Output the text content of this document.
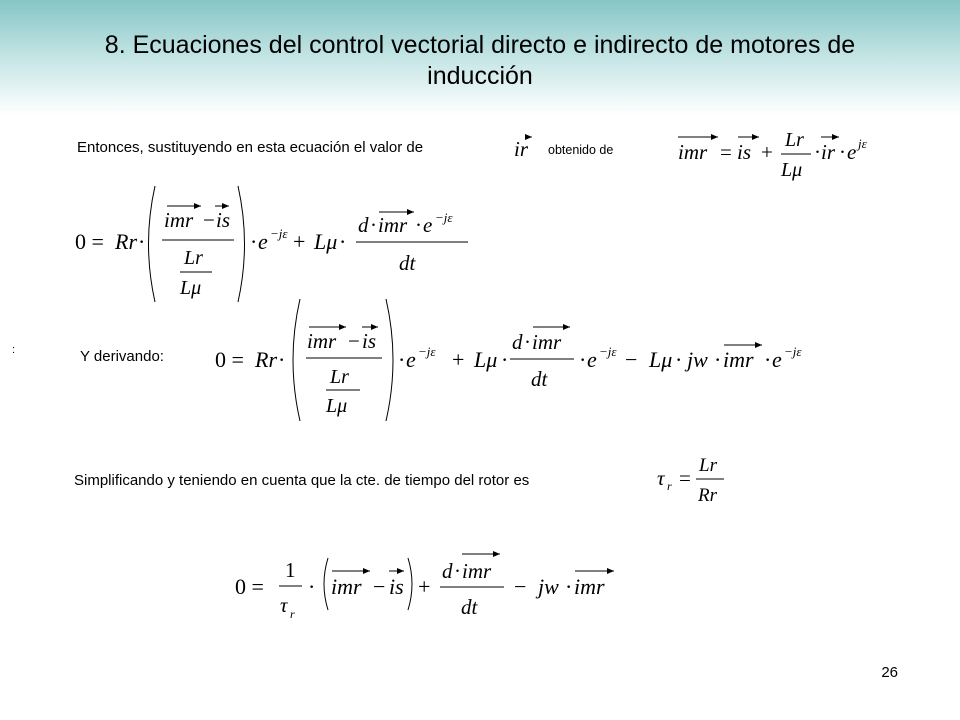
8. Ecuaciones del control vectorial directo e indirecto de motores de
inducción
Entonces, sustituyendo en esta ecuación el valor de	ir obtenido de	imr = is + Lr
Lμ
· ir · e jε
0 = Rr ·
imr − is
Lr
Lμ
· e −jε + Lμ ·
d · imr · e −jε
dt
:	Y derivando: 0 = Rr ·
imr − is
Lr
Lμ
· e −jε + Lμ ·
d · imr
dt
· e −jε − Lμ · jw · imr · e −jε
Simplificando y teniendo en cuenta que la cte. de tiempo del rotor es	τ r =
Lr
Rr
0 =
1
τ r
· imr − is +
d · imr
dt
− jw · imr
26
